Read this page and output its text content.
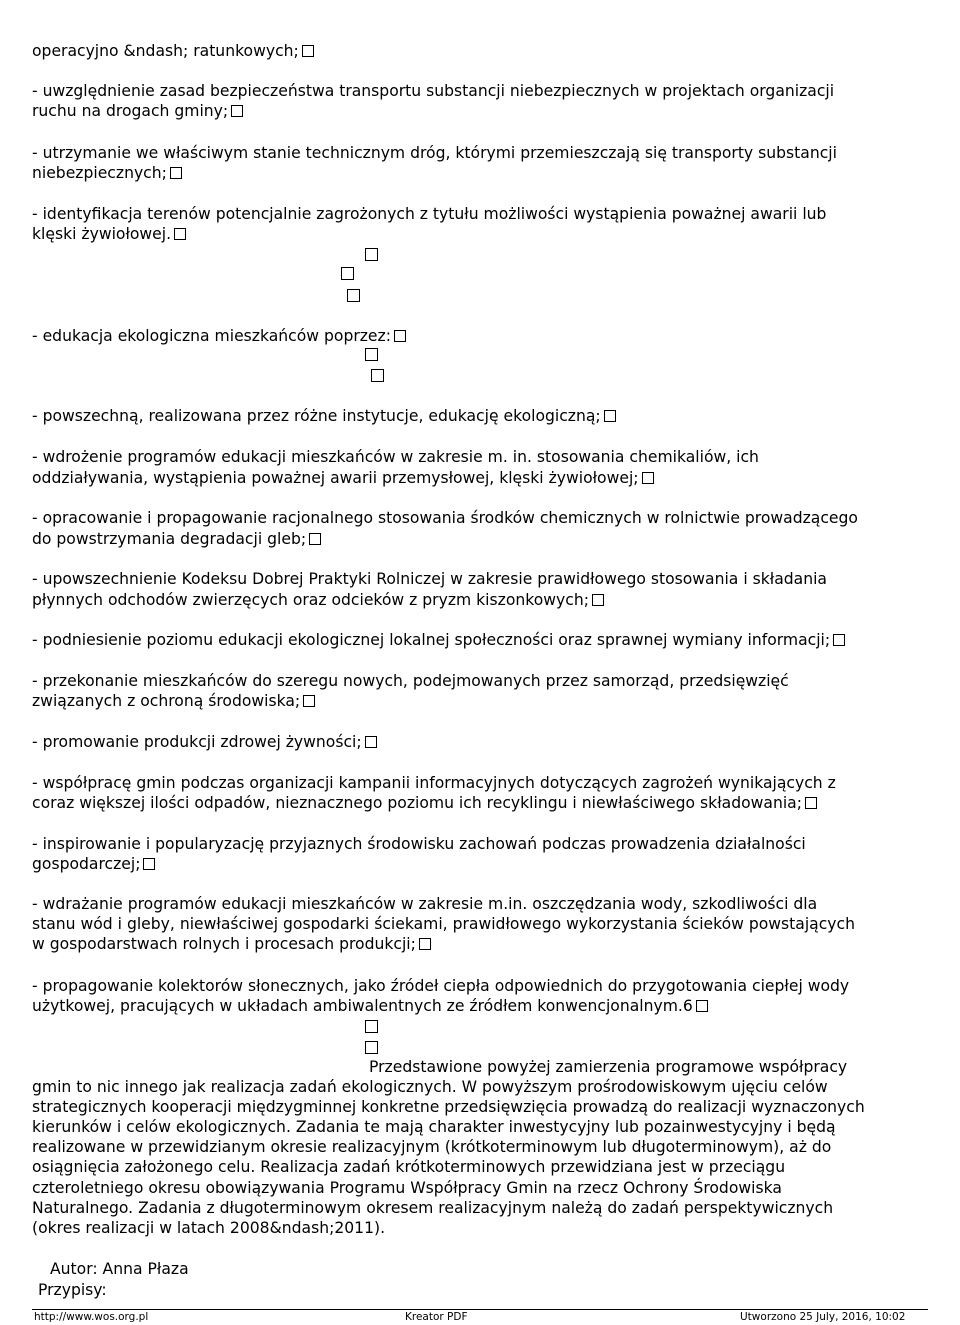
operacyjno &ndash; ratunkowych;
- uwzględnienie zasad bezpieczeństwa transportu substancji niebezpiecznych w projektach organizacji
ruchu na drogach gminy;
- utrzymanie we właściwym stanie technicznym dróg, którymi przemieszczają się transporty substancji
niebezpiecznych;
- identyfikacja terenów potencjalnie zagrożonych z tytułu możliwości wystąpienia poważnej awarii lub
klęski żywiołowej.
- edukacja ekologiczna mieszkańców poprzez:
- powszechną, realizowana przez różne instytucje, edukację ekologiczną;
- wdrożenie programów edukacji mieszkańców w zakresie m. in. stosowania chemikaliów, ich
oddziaływania, wystąpienia poważnej awarii przemysłowej, klęski żywiołowej;
- opracowanie i propagowanie racjonalnego stosowania środków chemicznych w rolnictwie prowadzącego
do powstrzymania degradacji gleb;
- upowszechnienie Kodeksu Dobrej Praktyki Rolniczej w zakresie prawidłowego stosowania i składania
płynnych odchodów zwierzęcych oraz odcieków z pryzm kiszonkowych;
- podniesienie poziomu edukacji ekologicznej lokalnej społeczności oraz sprawnej wymiany informacji;
- przekonanie mieszkańców do szeregu nowych, podejmowanych przez samorząd, przedsięwzięć
związanych z ochroną środowiska;
- promowanie produkcji zdrowej żywności;
- współpracę gmin podczas organizacji kampanii informacyjnych dotyczących zagrożeń wynikających z
coraz większej ilości odpadów, nieznacznego poziomu ich recyklingu i niewłaściwego składowania;
- inspirowanie i popularyzację przyjaznych środowisku zachowań podczas prowadzenia działalności
gospodarczej;
- wdrażanie programów edukacji mieszkańców w zakresie m.in. oszczędzania wody, szkodliwości dla
stanu wód i gleby, niewłaściwej gospodarki ściekami, prawidłowego wykorzystania ścieków powstających
w gospodarstwach rolnych i procesach produkcji;
- propagowanie kolektorów słonecznych, jako źródeł ciepła odpowiednich do przygotowania ciepłej wody
użytkowej, pracujących w układach ambiwalentnych ze źródłem konwencjonalnym.6
Przedstawione powyżej zamierzenia programowe współpracy
gmin to nic innego jak realizacja zadań ekologicznych. W powyższym prośrodowiskowym ujęciu celów
strategicznych kooperacji międzygminnej konkretne przedsięwzięcia prowadzą do realizacji wyznaczonych
kierunków i celów ekologicznych. Zadania te mają charakter inwestycyjny lub pozainwestycyjny i będą
realizowane w przewidzianym okresie realizacyjnym (krótkoterminowym lub długoterminowym), aż do
osiągnięcia założonego celu. Realizacja zadań krótkoterminowych przewidziana jest w przeciągu
czteroletniego okresu obowiązywania Programu Współpracy Gmin na rzecz Ochrony Środowiska
Naturalnego. Zadania z długoterminowym okresem realizacyjnym należą do zadań perspektywicznych
(okres realizacji w latach 2008&ndash;2011).
Autor: Anna Płaza
Przypisy:
http://www.wos.org.pl	Kreator PDF	Utworzono 25 July, 2016, 10:02
